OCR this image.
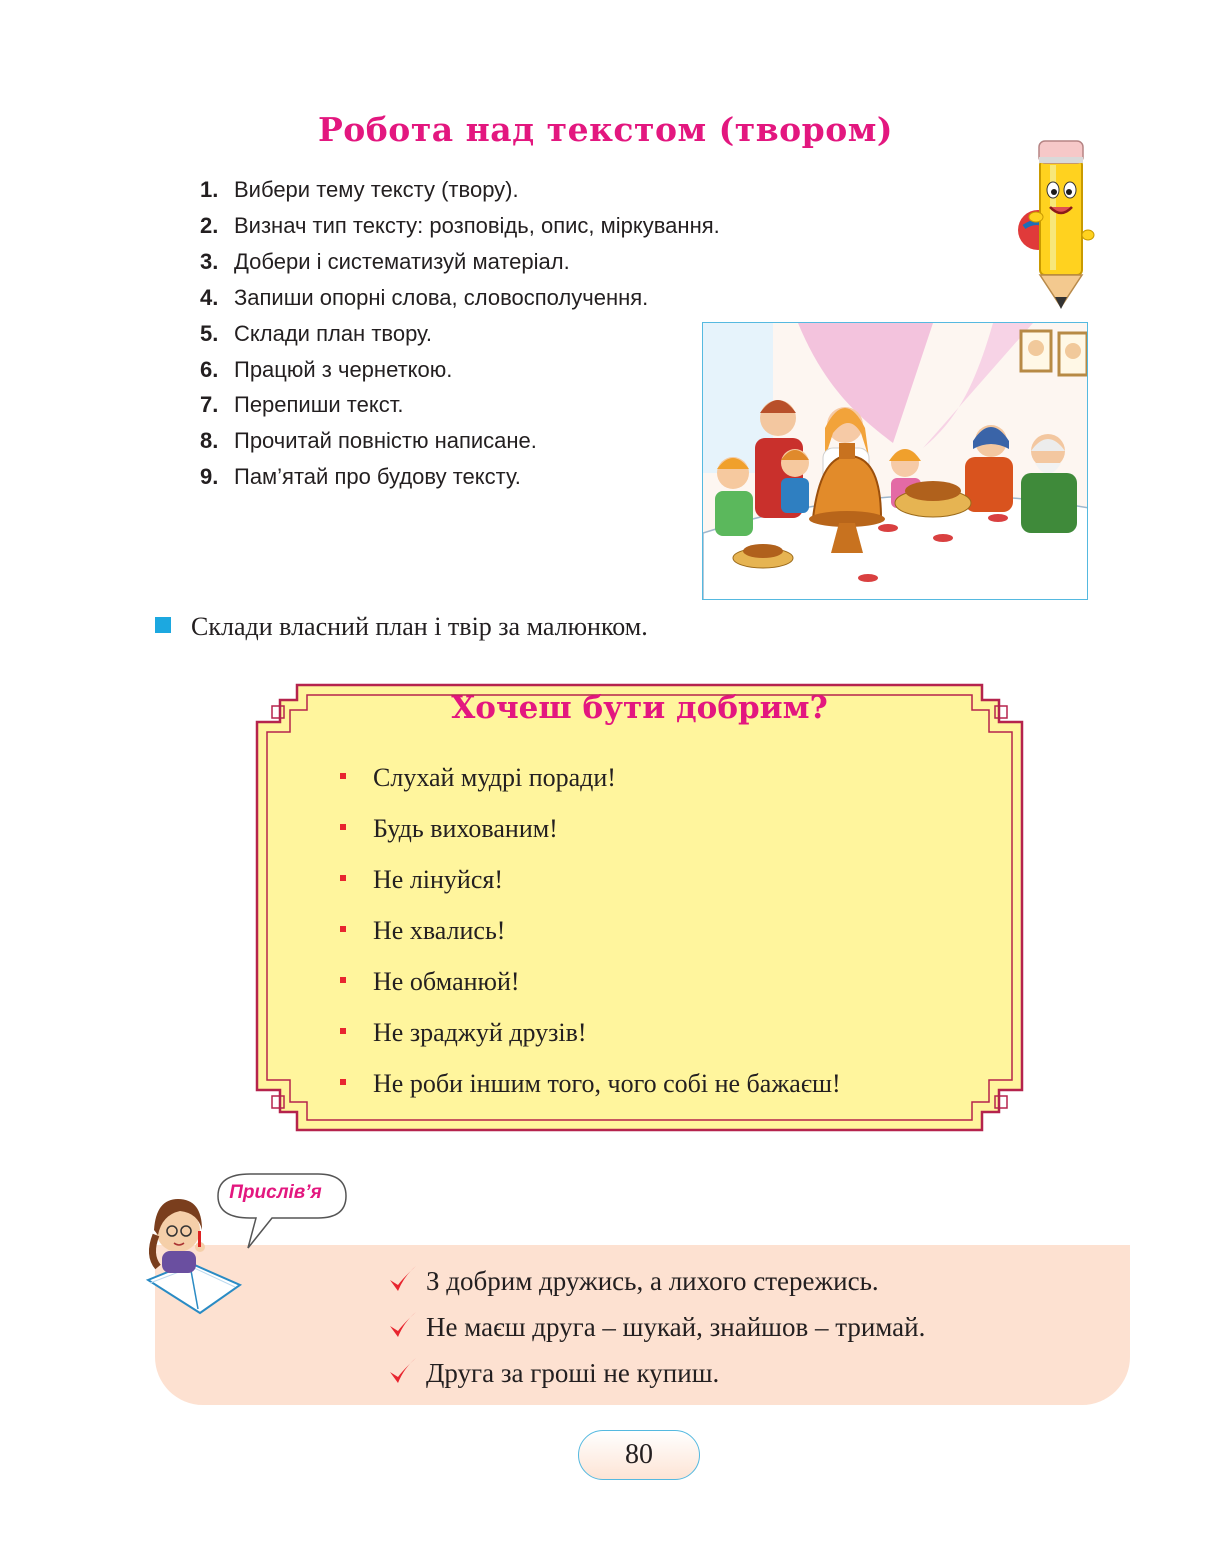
Робота над текстом (твором)
1. Вибери тему тексту (твору).
2. Визнач тип тексту: розповідь, опис, міркування.
3. Добери і систематизуй матеріал.
4. Запиши опорні слова, словосполучення.
5. Склади план твору.
6. Працюй з чернеткою.
7. Перепиши текст.
8. Прочитай повністю написане.
9. Пам’ятай про будову тексту.
Склади власний план і твір за малюнком.
Хочеш бути добрим?
Слухай мудрі поради!
Будь вихованим!
Не лінуйся!
Не хвались!
Не обманюй!
Не зраджуй друзів!
Не роби іншим того, чого собі не бажаєш!
Прислів’я
З добрим дружись, а лихого стережись.
Не маєш друга – шукай, знайшов – тримай.
Друга за гроші не купиш.
80
